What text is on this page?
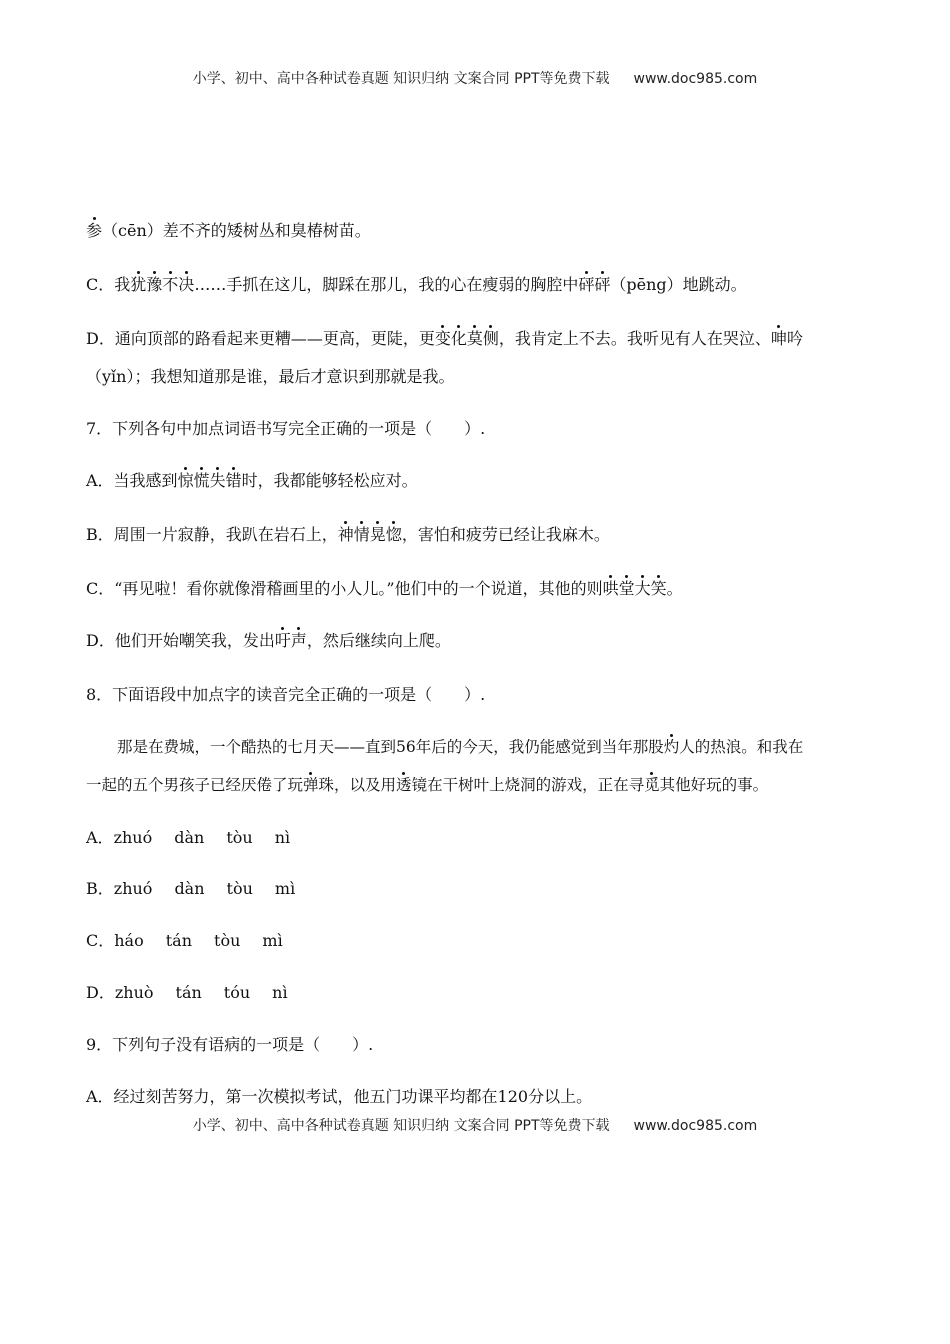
小学、初中、高中各种试卷真题 知识归纳 文案合同 PPT等免费下载 www.doc985.com
参（cēn）差不齐的矮树丛和臭椿树苗。
C．我犹豫不决……手抓在这儿，脚踩在那儿，我的心在瘦弱的胸腔中砰砰（pēng）地跳动。
D．通向顶部的路看起来更糟——更高，更陡，更变化莫侧，我肯定上不去。我听见有人在哭泣、呻吟
（yǐn）；我想知道那是谁，最后才意识到那就是我。
7．下列各句中加点词语书写完全正确的一项是（　　）.
A．当我感到惊慌失错时，我都能够轻松应对。
B．周围一片寂静，我趴在岩石上，神情晃惚，害怕和疲劳已经让我麻木。
C．“再见啦！看你就像滑稽画里的小人儿。”他们中的一个说道，其他的则哄堂大笑。
D．他们开始嘲笑我，发出吁声，然后继续向上爬。
8．下面语段中加点字的读音完全正确的一项是（　　）.
那是在费城，一个酷热的七月天——直到56年后的今天，我仍能感觉到当年那股灼人的热浪。和我在
一起的五个男孩子已经厌倦了玩弹珠，以及用透镜在干树叶上烧洞的游戏，正在寻觅其他好玩的事。
A．zhuó dàn tòu nì
B．zhuó dàn tòu mì
C．háo tán tòu mì
D．zhuò tán tóu nì
9．下列句子没有语病的一项是（　　）.
A．经过刻苦努力，第一次模拟考试，他五门功课平均都在120分以上。
小学、初中、高中各种试卷真题 知识归纳 文案合同 PPT等免费下载 www.doc985.com
